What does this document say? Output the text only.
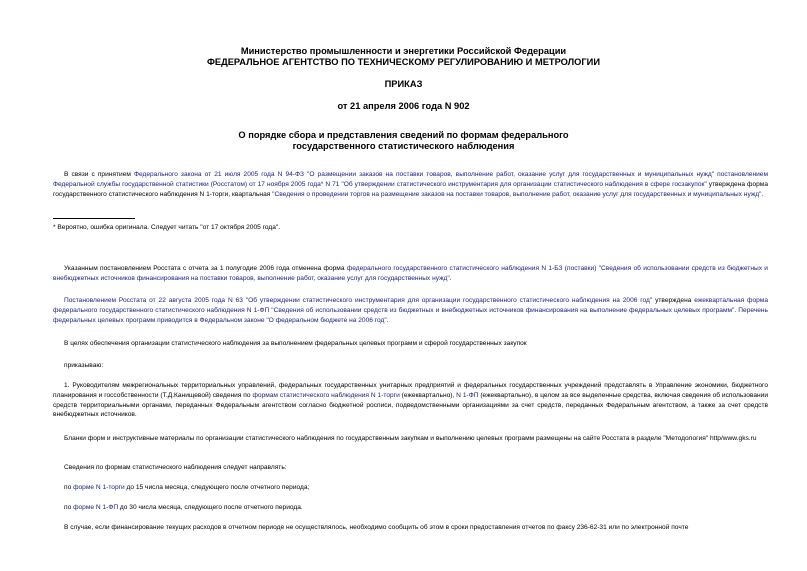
Министерство промышленности и энергетики Российской Федерации
ФЕДЕРАЛЬНОЕ АГЕНТСТВО ПО ТЕХНИЧЕСКОМУ РЕГУЛИРОВАНИЮ И МЕТРОЛОГИИ
ПРИКАЗ
от 21 апреля 2006 года N 902
О порядке сбора и представления сведений по формам федерального
государственного статистического наблюдения
В связи с принятием Федерального закона от 21 июля 2005 года N 94-ФЗ "О размещении заказов на поставки товаров, выполнение работ, оказание услуг для государственных и муниципальных нужд" постановлением Федеральной службы государственной статистики (Росстатом) от 17 ноября 2005 года* N 71 "Об утверждении статистического инструментария для организации статистического наблюдения в сфере госзакупок" утверждена форма государственного статистического наблюдения N 1-торги, квартальная "Сведения о проведении торгов на размещение заказов на поставки товаров, выполнение работ, оказание услуг для государственных и муниципальных нужд".
* Вероятно, ошибка оригинала. Следует читать "от 17 октября 2005 года".
Указанным постановлением Росстата с отчета за 1 полугодие 2006 года отменена форма федерального государственного статистического наблюдения N 1-БЗ (поставки) "Сведения об использовании средств из бюджетных и внебюджетных источников финансирования на поставки товаров, выполнение работ, оказание услуг для государственных нужд".
Постановлением Росстата от 22 августа 2005 года N 63 "Об утверждении статистического инструментария для организации государственного статистического наблюдения на 2006 год" утверждена ежеквартальная форма федерального государственного статистического наблюдения N 1-ФП "Сведения об использовании средств из бюджетных и внебюджетных источников финансирования на выполнение федеральных целевых программ". Перечень федеральных целевых программ приводится в Федеральном законе "О федеральном бюджете на 2006 год".
В целях обеспечения организации статистического наблюдения за выполнением федеральных целевых программ и сферой государственных закупок
приказываю:
1. Руководителям межрегиональных территориальных управлений, федеральных государственных унитарных предприятий и федеральных государственных учреждений представлять в Управление экономики, бюджетного планирования и госсобственности (Т.Д.Канищевой) сведения по формам статистического наблюдения N 1-торги (ежеквартально), N 1-ФП (ежеквартально), в целом за все выделенные средства, включая сведения об использовании средств территориальными органами, переданных Федеральным агентством согласно бюджетной росписи, подведомственными организациями за счет средств, переданных Федеральным агентством, а также за счет средств внебюджетных источников.
Бланки форм и инструктивные материалы по организации статистического наблюдения по государственным закупкам и выполнению целевых программ размещены на сайте Росстата в разделе "Методология" http/www.gks.ru
Сведения по формам статистического наблюдения следует направлять:
по форме N 1-торги до 15 числа месяца, следующего после отчетного периода;
по форме N 1-ФП до 30 числа месяца, следующего после отчетного периода.
В случае, если финансирование текущих расходов в отчетном периоде не осуществлялось, необходимо сообщить об этом в сроки предоставления отчетов по факсу 236-62-31 или по электронной почте
